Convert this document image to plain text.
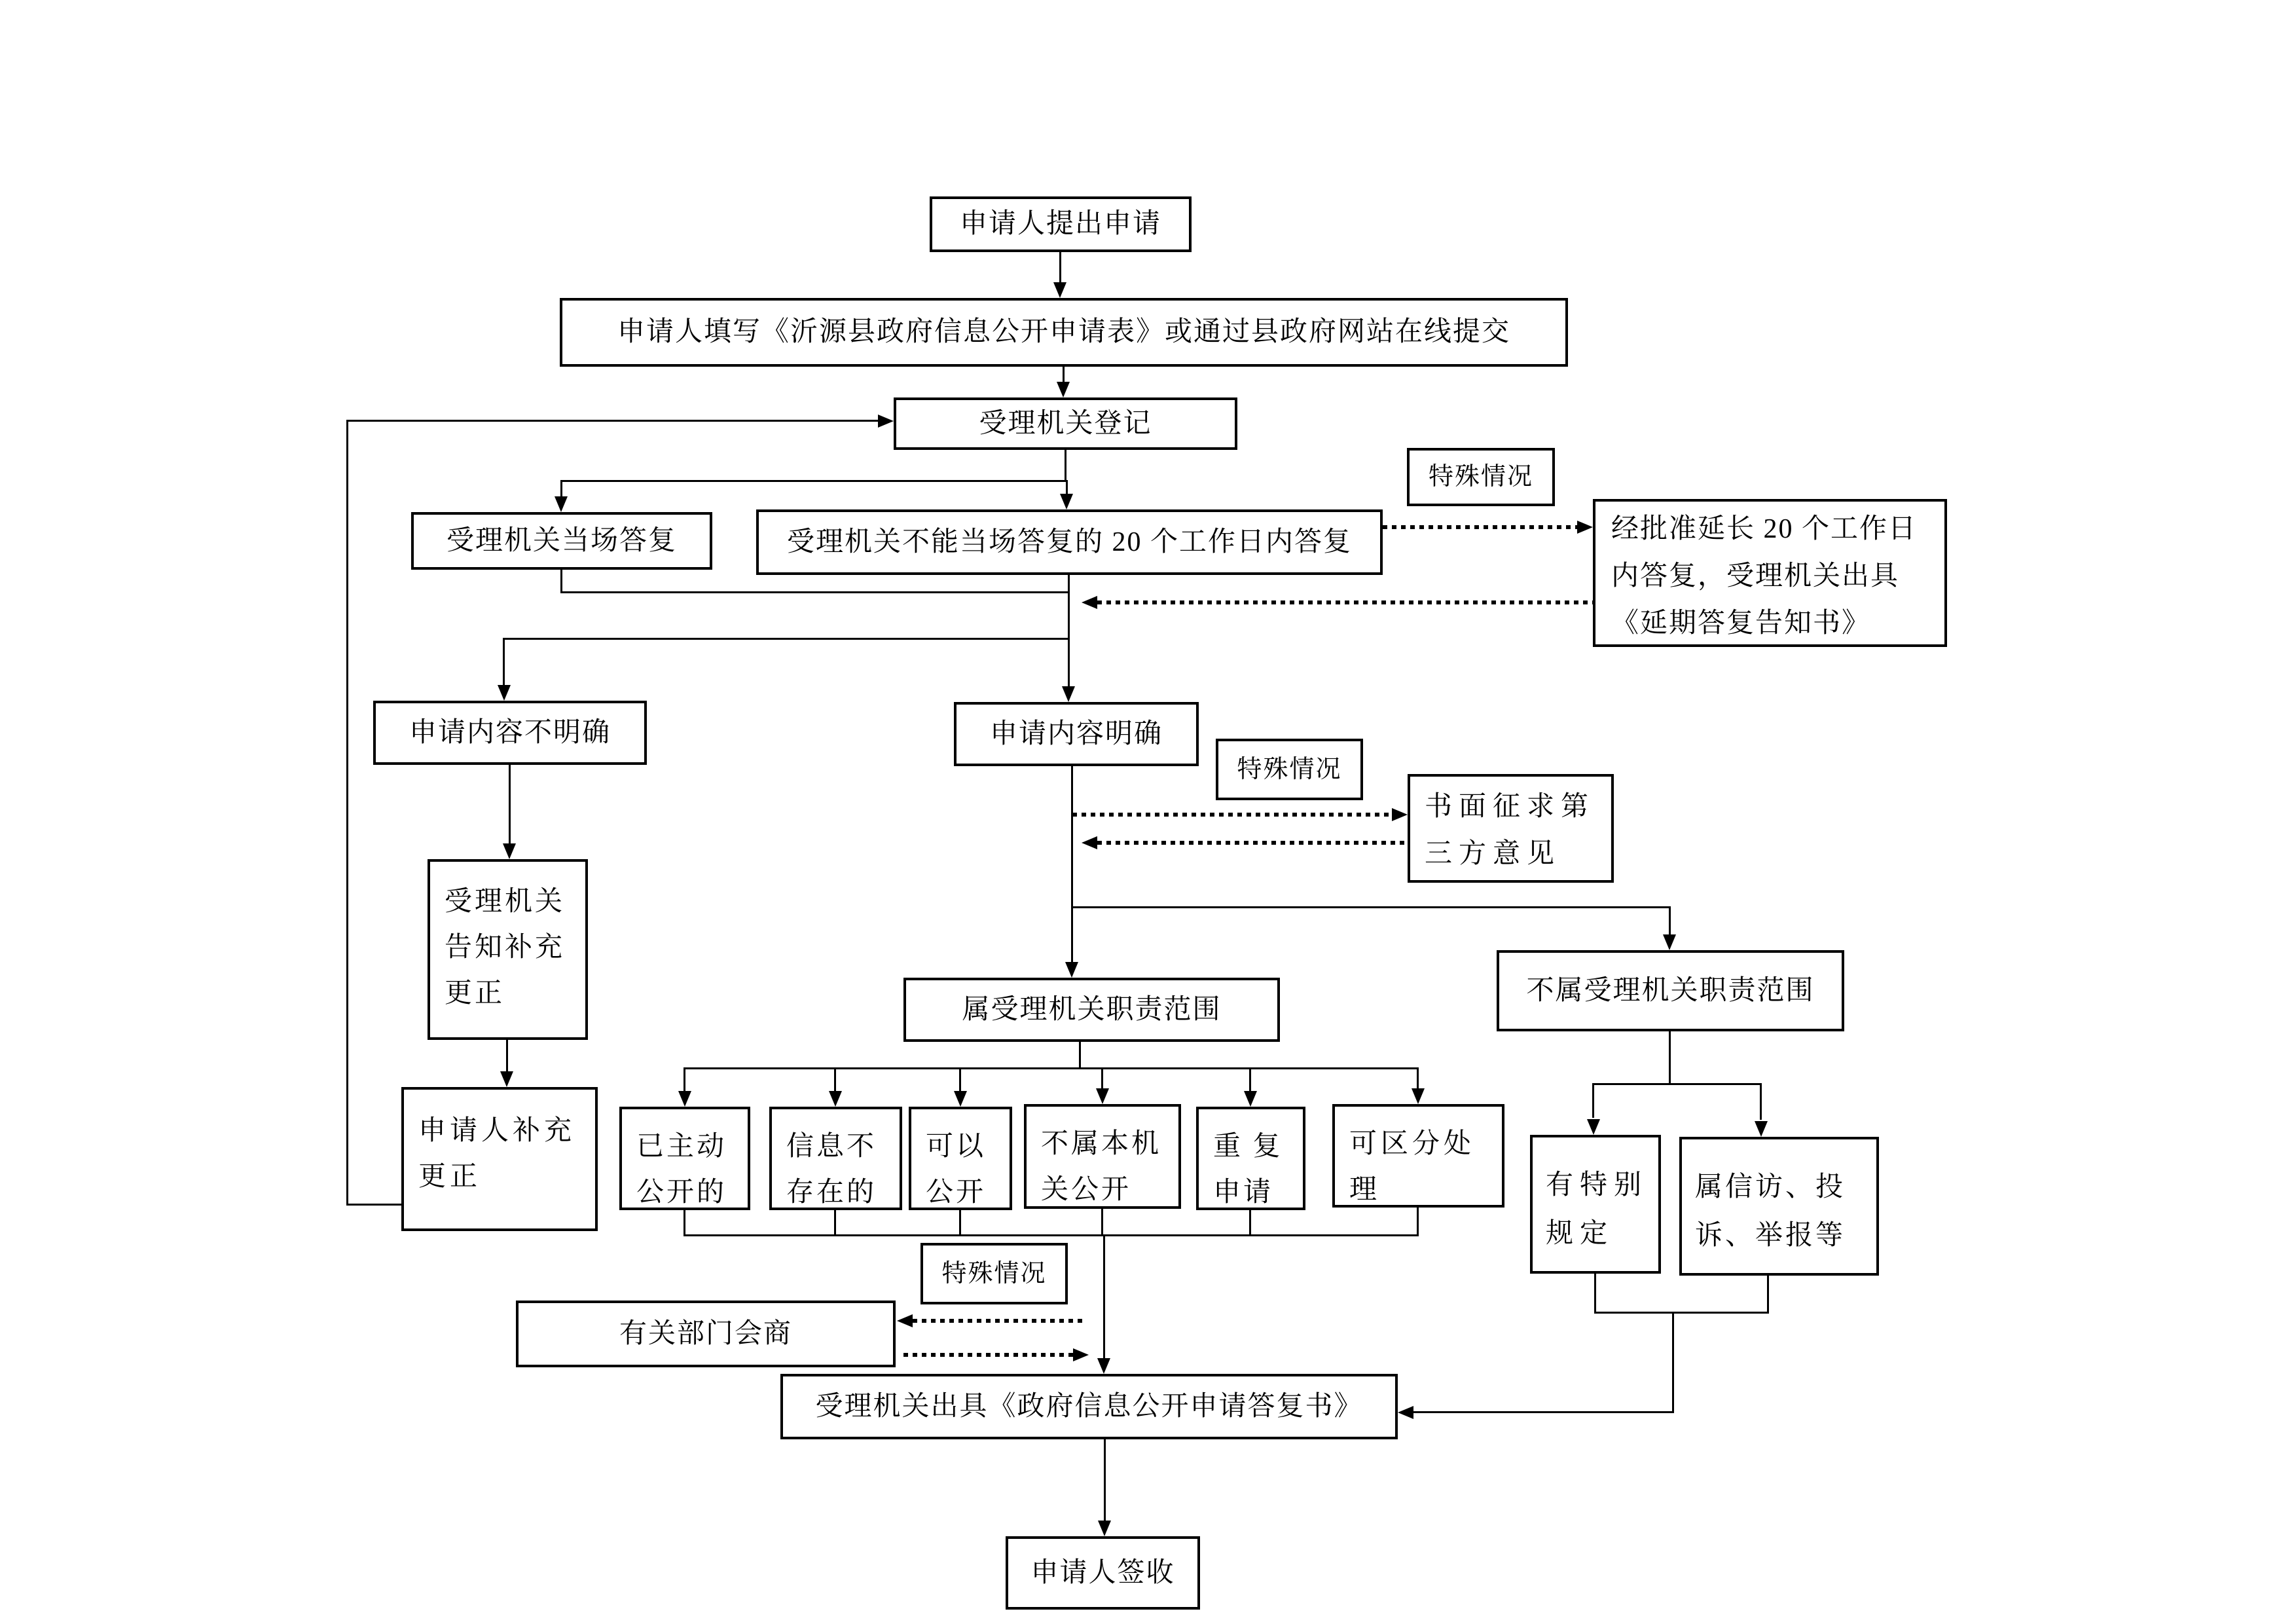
申请人提出申请
申请人填写《沂源县政府信息公开申请表》或通过县政府网站在线提交
受理机关登记
受理机关当场答复	受理机关不能当场答复的 20 个工作日内答复
特殊情况
经批准延长 20 个工作日
内答复，受理机关出具
《延期答复告知书》
申请内容不明确	申请内容明确
特殊情况
书面征求第
三方意见
受理机关
告知补充
更正
申请人补充
更正
属受理机关职责范围
不属受理机关职责范围
已主动
公开的
信息不
存在的
可以
公开
不属本机
关公开
重 复
申请
可区分处
理	有特别
规定
属信访、投
诉、举报等
特殊情况
有关部门会商
受理机关出具《政府信息公开申请答复书》
申请人签收
